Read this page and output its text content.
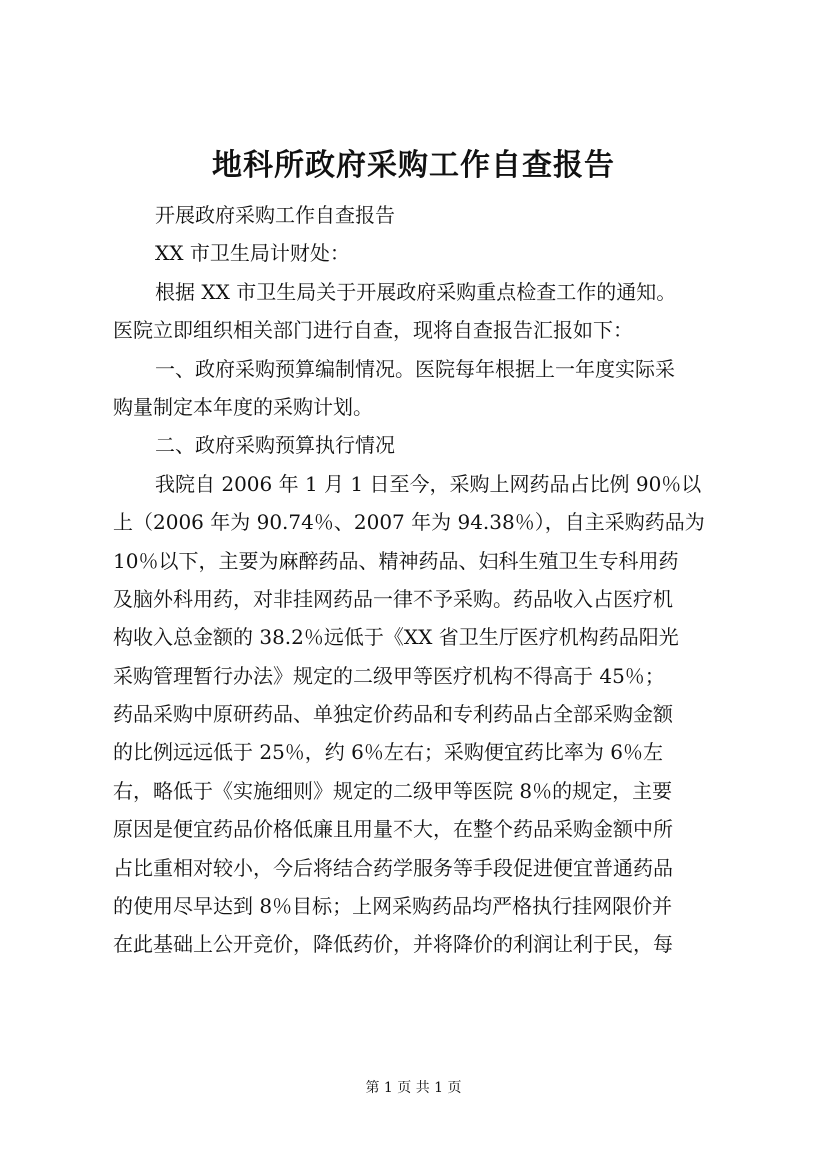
地科所政府采购工作自查报告
开展政府采购工作自查报告
XX 市卫生局计财处：
根据 XX 市卫生局关于开展政府采购重点检查工作的通知。
医院立即组织相关部门进行自查，现将自查报告汇报如下：
一、政府采购预算编制情况。医院每年根据上一年度实际采
购量制定本年度的采购计划。
二、政府采购预算执行情况
我院自 2006 年 1 月 1 日至今，采购上网药品占比例 90％以
上（2006 年为 90.74％、2007 年为 94.38％），自主采购药品为
10％以下，主要为麻醉药品、精神药品、妇科生殖卫生专科用药
及脑外科用药，对非挂网药品一律不予采购。药品收入占医疗机
构收入总金额的 38.2％远低于《XX 省卫生厅医疗机构药品阳光
采购管理暂行办法》规定的二级甲等医疗机构不得高于 45％；
药品采购中原研药品、单独定价药品和专利药品占全部采购金额
的比例远远低于 25％，约 6％左右；采购便宜药比率为 6％左
右，略低于《实施细则》规定的二级甲等医院 8％的规定，主要
原因是便宜药品价格低廉且用量不大，在整个药品采购金额中所
占比重相对较小，今后将结合药学服务等手段促进便宜普通药品
的使用尽早达到 8％目标；上网采购药品均严格执行挂网限价并
在此基础上公开竞价，降低药价，并将降价的利润让利于民，每
第 1 页 共 1 页
